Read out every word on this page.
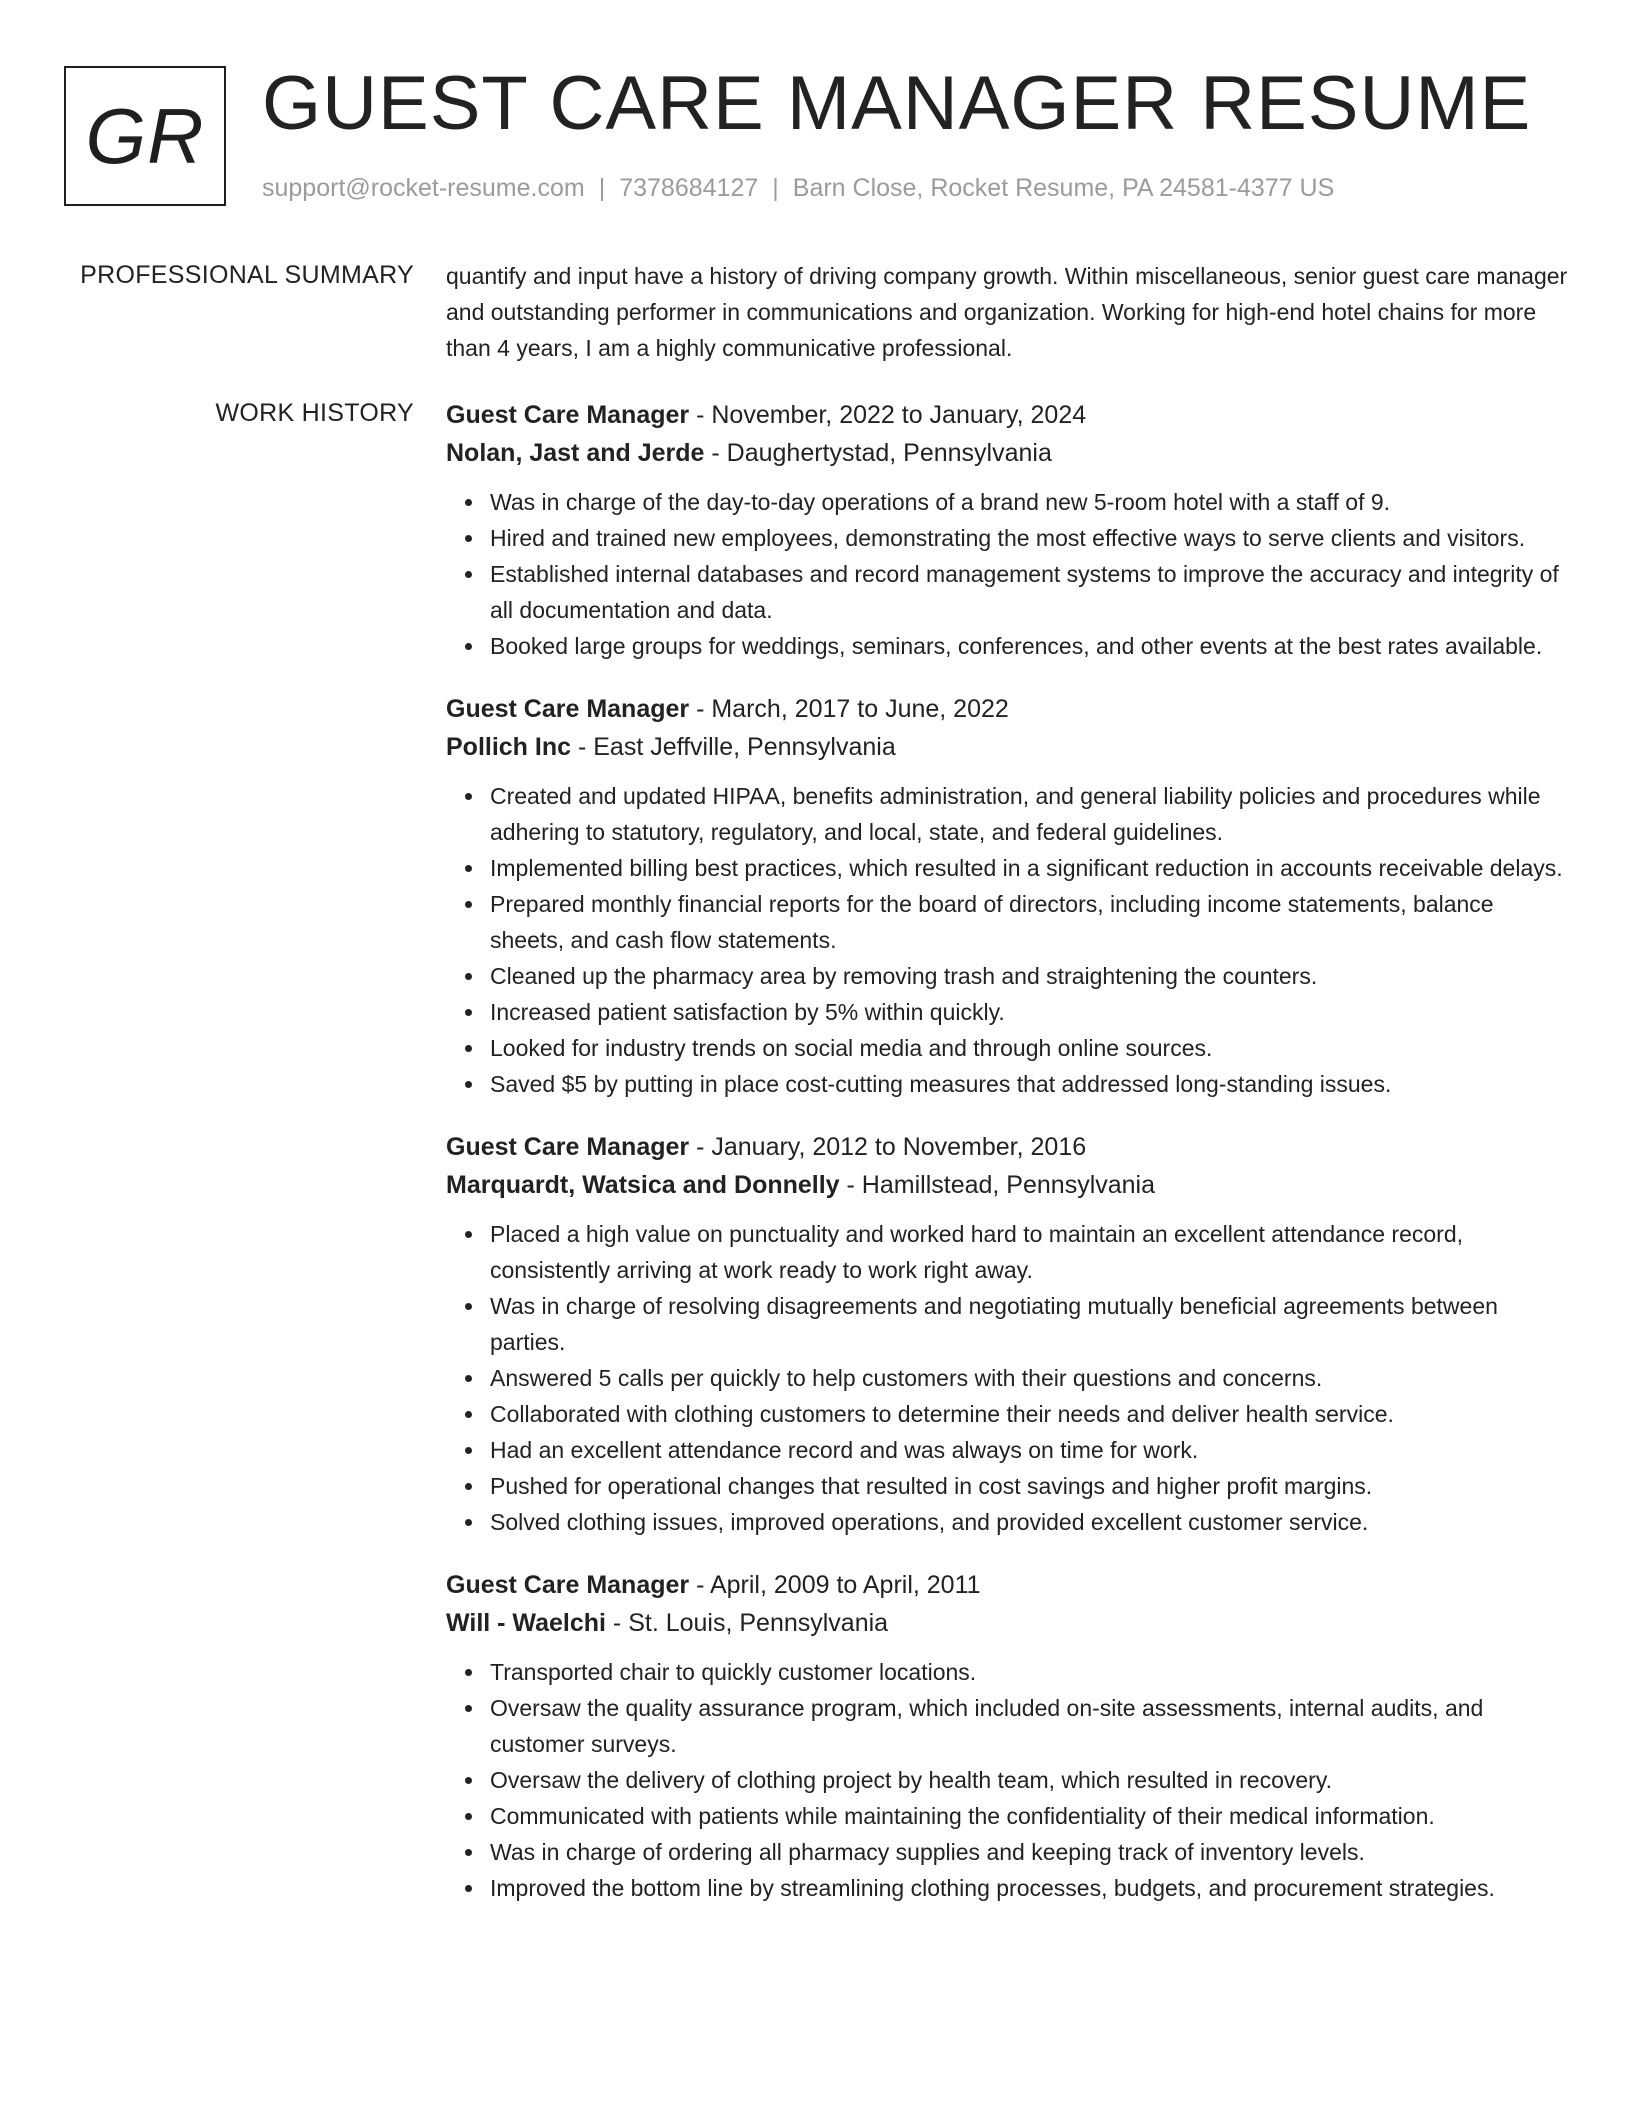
GR GUEST CARE MANAGER RESUME
support@rocket-resume.com | 7378684127 | Barn Close, Rocket Resume, PA 24581-4377 US
PROFESSIONAL SUMMARY quantify and input have a history of driving company growth. Within miscellaneous, senior guest care manager and outstanding performer in communications and organization. Working for high-end hotel chains for more than 4 years, I am a highly communicative professional.

WORK HISTORY Guest Care Manager - November, 2022 to January, 2024
Nolan, Jast and Jerde - Daughertystad, Pennsylvania
Was in charge of the day-to-day operations of a brand new 5-room hotel with a staff of 9.
Hired and trained new employees, demonstrating the most effective ways to serve clients and visitors.
Established internal databases and record management systems to improve the accuracy and integrity of all documentation and data.
Booked large groups for weddings, seminars, conferences, and other events at the best rates available.
Guest Care Manager - March, 2017 to June, 2022
Pollich Inc - East Jeffville, Pennsylvania
Created and updated HIPAA, benefits administration, and general liability policies and procedures while adhering to statutory, regulatory, and local, state, and federal guidelines.
Implemented billing best practices, which resulted in a significant reduction in accounts receivable delays.
Prepared monthly financial reports for the board of directors, including income statements, balance sheets, and cash flow statements.
Cleaned up the pharmacy area by removing trash and straightening the counters.
Increased patient satisfaction by 5% within quickly.
Looked for industry trends on social media and through online sources.
Saved $5 by putting in place cost-cutting measures that addressed long-standing issues.
Guest Care Manager - January, 2012 to November, 2016
Marquardt, Watsica and Donnelly - Hamillstead, Pennsylvania
Placed a high value on punctuality and worked hard to maintain an excellent attendance record, consistently arriving at work ready to work right away.
Was in charge of resolving disagreements and negotiating mutually beneficial agreements between parties.
Answered 5 calls per quickly to help customers with their questions and concerns.
Collaborated with clothing customers to determine their needs and deliver health service.
Had an excellent attendance record and was always on time for work.
Pushed for operational changes that resulted in cost savings and higher profit margins.
Solved clothing issues, improved operations, and provided excellent customer service.
Guest Care Manager - April, 2009 to April, 2011
Will - Waelchi - St. Louis, Pennsylvania
Transported chair to quickly customer locations.
Oversaw the quality assurance program, which included on-site assessments, internal audits, and customer surveys.
Oversaw the delivery of clothing project by health team, which resulted in recovery.
Communicated with patients while maintaining the confidentiality of their medical information.
Was in charge of ordering all pharmacy supplies and keeping track of inventory levels.
Improved the bottom line by streamlining clothing processes, budgets, and procurement strategies.
